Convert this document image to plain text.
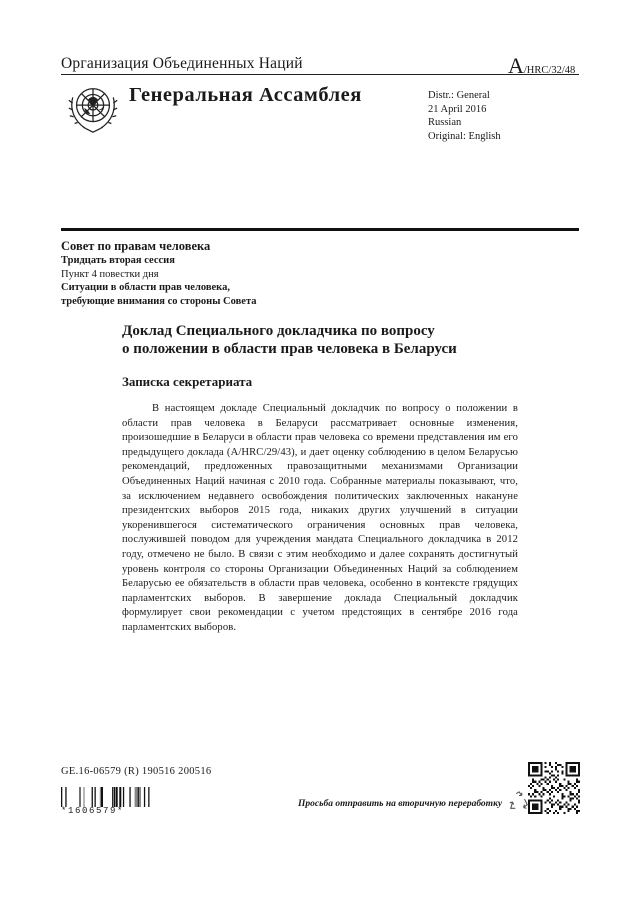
Организация Объединенных Наций	A/HRC/32/48
Генеральная Ассамблея	Distr.: General
21 April 2016
Russian
Original: English
Совет по правам человека
Тридцать вторая сессия
Пункт 4 повестки дня
Ситуации в области прав человека,
требующие внимания со стороны Совета
Доклад Специального докладчика по вопросу
о положении в области прав человека в Беларуси
Записка секретариата
В настоящем докладе Специальный докладчик по вопросу о положении в области прав человека в Беларуси рассматривает основные изменения, произошедшие в Беларуси в области прав человека со времени представления им его предыдущего доклада (A/HRC/29/43), и дает оценку соблюдению в целом Беларусью рекомендаций, предложенных правозащитными механизмами Организации Объединенных Наций начиная с 2010 года. Собранные материалы показывают, что, за исключением недавнего освобождения политических заключенных накануне президентских выборов 2015 года, никаких других улучшений в ситуации укоренившегося систематического ограничения основных прав человека, послужившей поводом для учреждения мандата Специального докладчика в 2012 году, отмечено не было. В связи с этим необходимо и далее сохранять достигнутый уровень контроля со стороны Организации Объединенных Наций за соблюдением Беларусью ее обязательств в области прав человека, особенно в контексте грядущих парламентских выборов. В завершение доклада Специальный докладчик формулирует свои рекомендации с учетом предстоящих в сентябре 2016 года парламентских выборов.
GE.16-06579 (R) 190516 200516
*1606579*
Просьба отправить на вторичную переработку
